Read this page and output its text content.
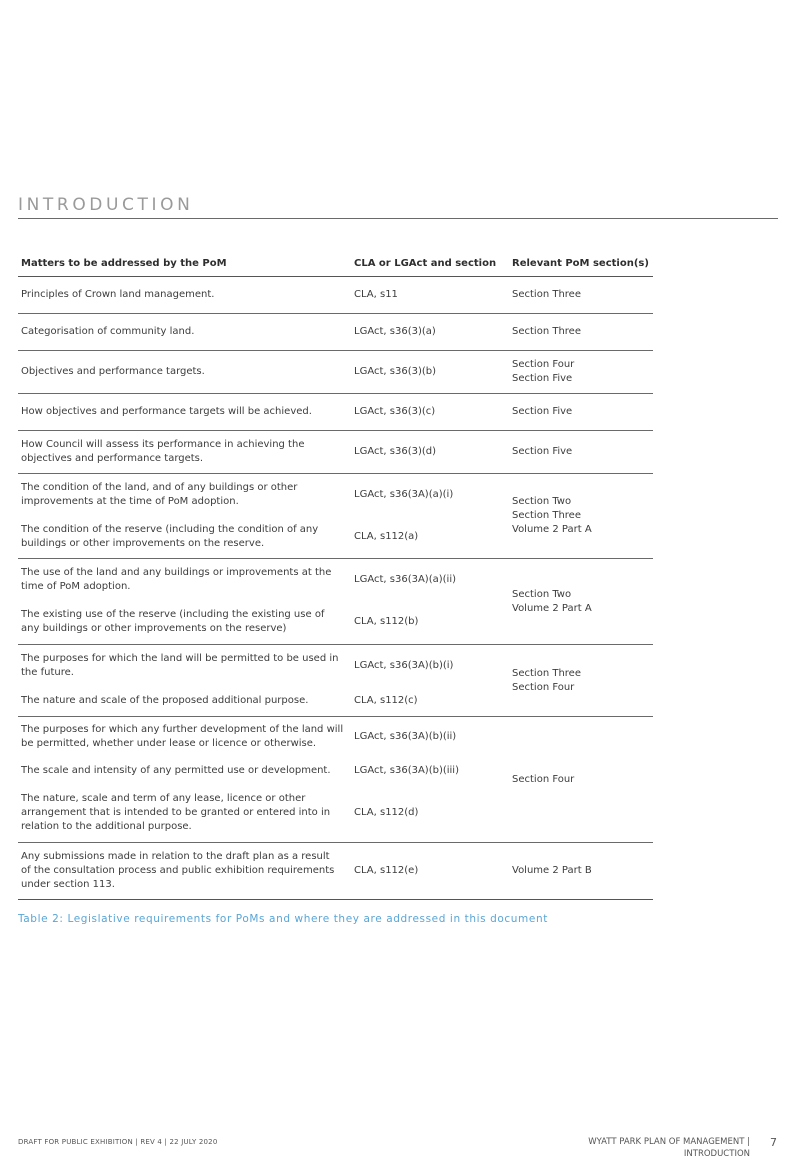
INTRODUCTION
Matters to be addressed by the PoM	CLA or LGAct and section	Relevant PoM section(s)
Principles of Crown land management.	CLA, s11	Section Three
Categorisation of community land.	LGAct, s36(3)(a)	Section Three
Objectives and performance targets.	LGAct, s36(3)(b)	Section Four
Section Five

How objectives and performance targets will be achieved.	LGAct, s36(3)(c)	Section Five

How Council will assess its performance in achieving the
objectives and performance targets.	LGAct, s36(3)(d)	Section Five

The condition of the land, and of any buildings or other
improvements at the time of PoM adoption.	LGAct, s36(3A)(a)(i)	Section Two
Section Three
Volume 2 Part A

The condition of the reserve (including the condition of any
buildings or other improvements on the reserve.	CLA, s112(a)	

The use of the land and any buildings or improvements at the
time of PoM adoption.	LGAct, s36(3A)(a)(ii)	Section Two
Volume 2 Part A

The existing use of the reserve (including the existing use of
any buildings or other improvements on the reserve)	CLA, s112(b)	

The purposes for which the land will be permitted to be used in
the future.	LGAct, s36(3A)(b)(i)	Section Three
Section Four

The nature and scale of the proposed additional purpose.	CLA, s112(c)	

The purposes for which any further development of the land will
be permitted, whether under lease or licence or otherwise.	LGAct, s36(3A)(b)(ii)	Section Four
The scale and intensity of any permitted use or development.	LGAct, s36(3A)(b)(iii)	

The nature, scale and term of any lease, licence or other
arrangement that is intended to be granted or entered into in
relation to the additional purpose.	CLA, s112(d)	

Any submissions made in relation to the draft plan as a result
of the consultation process and public exhibition requirements
under section 113.	CLA, s112(e)	Volume 2 Part B
Table 2: Legislative requirements for PoMs and where they are addressed in this document
DRAFT FOR PUBLIC EXHIBITION | REV 4 | 22 JULY 2020	WYATT PARK PLAN OF MANAGEMENT |
INTRODUCTION
7
